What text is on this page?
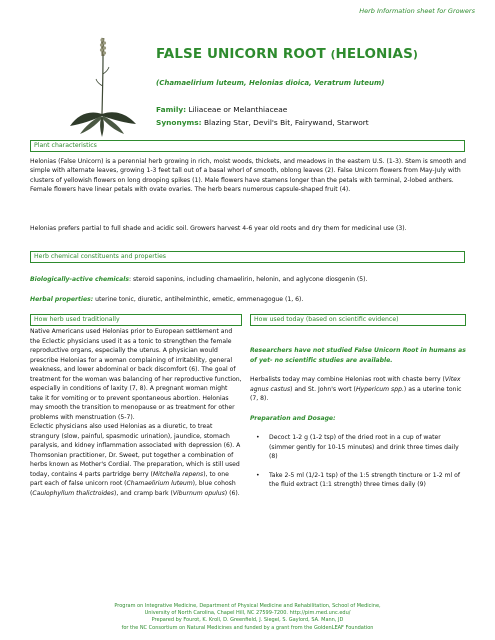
Herb Information sheet for Growers
FALSE UNICORN ROOT (HELONIAS)
(Chamaelirium luteum, Helonias dioica, Veratrum luteum)
Family: Liliaceae or Melanthiaceae
Synonyms: Blazing Star, Devil's Bit, Fairywand, Starwort
Plant characteristics
Helonias (False Unicorn) is a perennial herb growing in rich, moist woods, thickets, and meadows in the eastern U.S. (1-3). Stem is smooth and simple with alternate leaves, growing 1-3 feet tall out of a basal whorl of smooth, oblong leaves (2). False Unicorn flowers from May-July with clusters of yellowish flowers on long drooping spikes (1). Male flowers have stamens longer than the petals with terminal, 2-lobed anthers. Female flowers have linear petals with ovate ovaries. The herb bears numerous capsule-shaped fruit (4).
Helonias prefers partial to full shade and acidic soil. Growers harvest 4-6 year old roots and dry them for medicinal use (3).
Herb chemical constituents and properties
Biologically-active chemicals: steroid saponins, including chamaelirin, helonin, and aglycone diosgenin (5).
Herbal properties: uterine tonic, diuretic, antihelminthic, emetic, emmenagogue (1, 6).
How herb used traditionally	How used today (based on scientific evidence)
Native Americans used Helonias prior to European settlement and the Eclectic physicians used it as a tonic to strengthen the female reproductive organs, especially the uterus. A physician would prescribe Helonias for a woman complaining of irritability, general weakness, and lower abdominal or back discomfort (6). The goal of treatment for the woman was balancing of her reproductive function, especially in conditions of laxity (7, 8). A pregnant woman might take it for vomiting or to prevent spontaneous abortion. Helonias may smooth the transition to menopause or as treatment for other problems with menstruation (5-7).
Eclectic physicians also used Helonias as a diuretic, to treat strangury (slow, painful, spasmodic urination), jaundice, stomach paralysis, and kidney inflammation associated with depression (6). A Thomsonian practitioner, Dr. Sweet, put together a combination of herbs known as Mother's Cordial. The preparation, which is still used today, contains 4 parts partridge berry (Mitchella repens), to one part each of false unicorn root (Chamaelirium luteum), blue cohosh (Caulophyllum thalictroides), and cramp bark (Viburnum opulus) (6).
Researchers have not studied False Unicorn Root in humans as of yet- no scientific studies are available.
Herbalists today may combine Helonias root with chaste berry (Vitex agnus castus) and St. John's wort (Hypericum spp.) as a uterine tonic (7, 8).
Preparation and Dosage:
• Decoct 1-2 g (1-2 tsp) of the dried root in a cup of water (simmer gently for 10-15 minutes) and drink three times daily (8)
• Take 2-5 ml (1/2-1 tsp) of the 1:5 strength tincture or 1-2 ml of the fluid extract (1:1 strength) three times daily (9)
Program on Integrative Medicine, Department of Physical Medicine and Rehabilitation, School of Medicine,
University of North Carolina, Chapel Hill, NC 27599-7200. http://pim.med.unc.edu/
Prepared by Fourot, K. Kroll, D. Greenfield, J. Siegel, S. Gaylord, SA. Mann, JD
for the NC Consortium on Natural Medicines and funded by a grant from the GoldenLEAF Foundation
